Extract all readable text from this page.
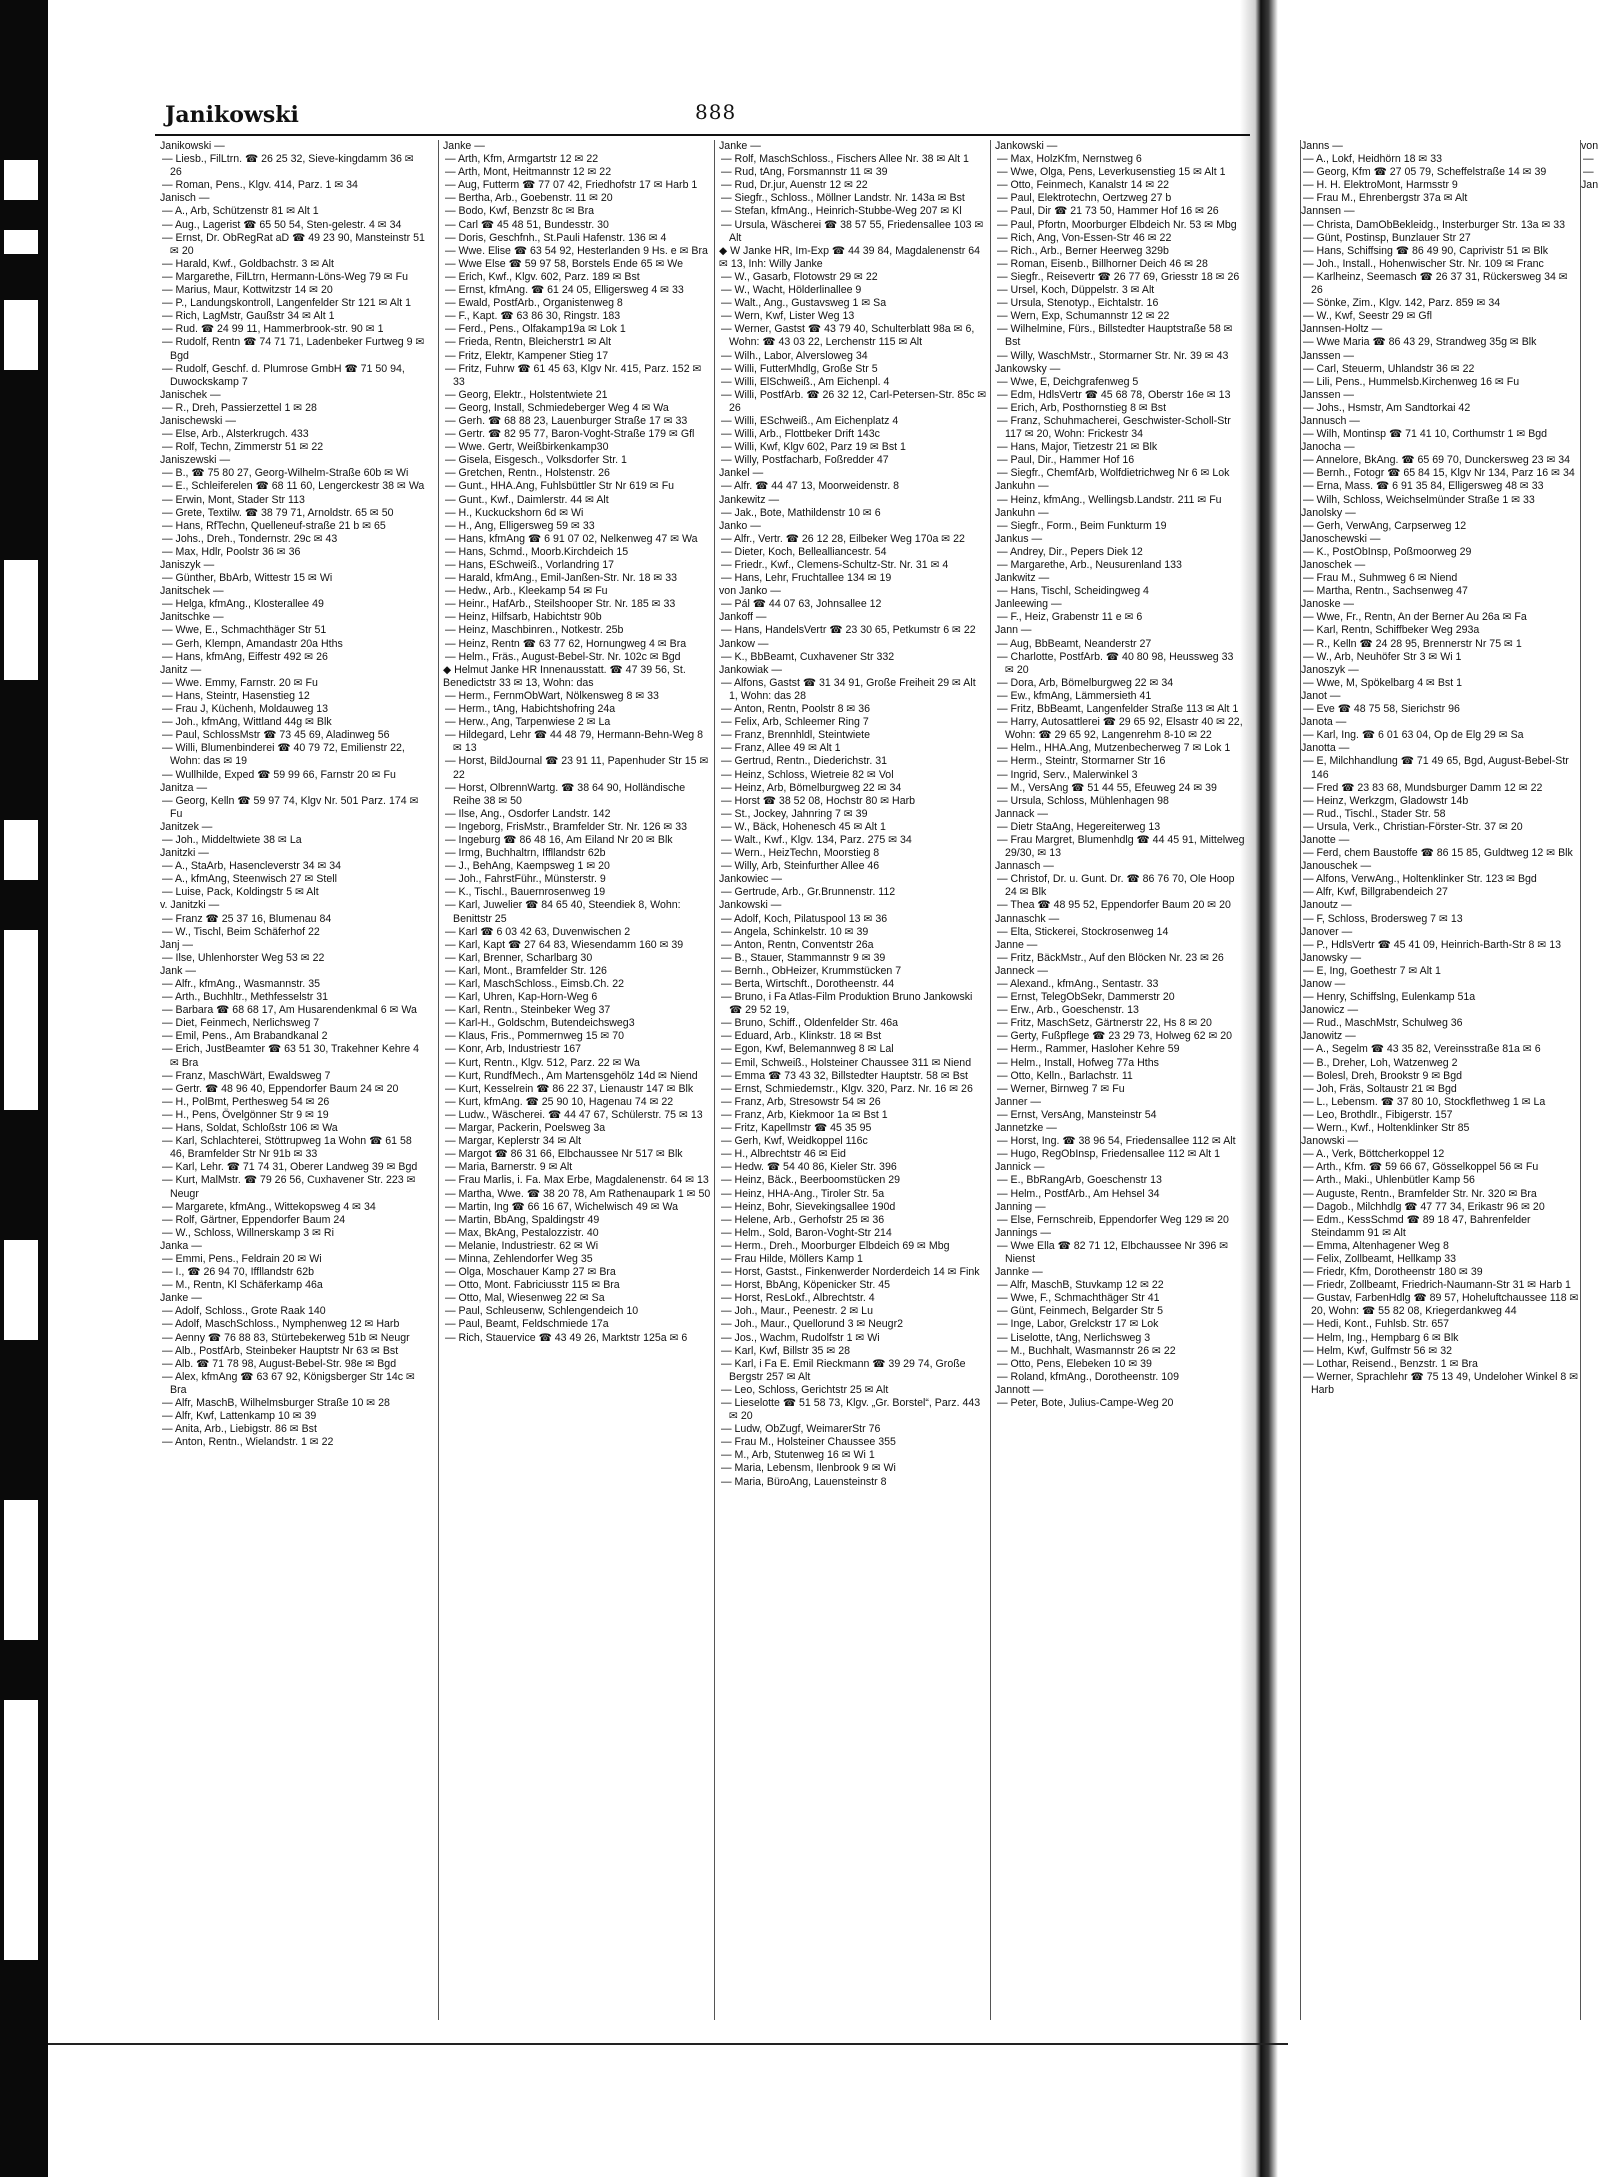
Janikowski	888

Janikowski —

— Liesb., FilLtrn. ☎ 26 25 32, Sieve-kingdamm 36 ✉ 26

— Roman, Pens., Klgv. 414, Parz. 1 ✉ 34

Janisch —

— A., Arb, Schützenstr 81 ✉ Alt 1

— Aug., Lagerist ☎ 65 50 54, Sten-gelestr. 4 ✉ 34

— Ernst, Dr. ObRegRat aD ☎ 49 23 90, Mansteinstr 51 ✉ 20

— Harald, Kwf., Goldbachstr. 3 ✉ Alt

— Margarethe, FilLtrn, Hermann-Löns-Weg 79 ✉ Fu

— Marius, Maur, Kottwitzstr 14 ✉ 20

— P., Landungskontroll, Langenfelder Str 121 ✉ Alt 1

— Rich, LagMstr, Gaußstr 34 ✉ Alt 1

— Rud. ☎ 24 99 11, Hammerbrook-str. 90 ✉ 1

— Rudolf, Rentn ☎ 74 71 71, Ladenbeker Furtweg 9 ✉ Bgd

— Rudolf, Geschf. d. Plumrose GmbH ☎ 71 50 94, Duwockskamp 7

Janischek —

— R., Dreh, Passierzettel 1 ✉ 28

Janischewski —

— Else, Arb., Alsterkrugch. 433

— Rolf, Techn, Zimmerstr 51 ✉ 22

Janiszewski —

— B., ☎ 75 80 27, Georg-Wilhelm-Straße 60b ✉ Wi

— E., Schleiferelen ☎ 68 11 60, Lengerckestr 38 ✉ Wa

— Erwin, Mont, Stader Str 113

— Grete, Textilw. ☎ 38 79 71, Arnoldstr. 65 ✉ 50

— Hans, RfTechn, Quelleneuf-straße 21 b ✉ 65

— Johs., Dreh., Tondernstr. 29c ✉ 43

— Max, Hdlr, Poolstr 36 ✉ 36

Janiszyk —

— Günther, BbArb, Wittestr 15 ✉ Wi

Janitschek —

— Helga, kfmAng., Klosterallee 49

Janitschke —

— Wwe, E., Schmachthäger Str 51

— Gerh, Klempn, Amandastr 20a Hths

— Hans, kfmAng, Eiffestr 492 ✉ 26

Janitz —

— Wwe. Emmy, Farnstr. 20 ✉ Fu

— Hans, Steintr, Hasenstieg 12

— Frau J, Küchenh, Moldauweg 13

— Joh., kfmAng, Wittland 44g ✉ Blk

— Paul, SchlossMstr ☎ 73 45 69, Aladinweg 56

— Willi, Blumenbinderei ☎ 40 79 72, Emilienstr 22, Wohn: das ✉ 19

— Wullhilde, Exped ☎ 59 99 66, Farnstr 20 ✉ Fu

Janitza —

— Georg, Kelln ☎ 59 97 74, Klgv Nr. 501 Parz. 174 ✉ Fu

Janitzek —

— Joh., Middeltwiete 38 ✉ La

Janitzki —

— A., StaArb, Hasencleverstr 34 ✉ 34

— A., kfmAng, Steenwisch 27 ✉ Stell

— Luise, Pack, Koldingstr 5 ✉ Alt

v. Janitzki —

— Franz ☎ 25 37 16, Blumenau 84

— W., Tischl, Beim Schäferhof 22

Janj —

— Ilse, Uhlenhorster Weg 53 ✉ 22

Jank —

— Alfr., kfmAng., Wasmannstr. 35

— Arth., Buchhltr., Methfesselstr 31

— Barbara ☎ 68 68 17, Am Husarendenkmal 6 ✉ Wa

— Diet, Feinmech, Nerlichsweg 7

— Emil, Pens., Am Brabandkanal 2

— Erich, JustBeamter ☎ 63 51 30, Trakehner Kehre 4 ✉ Bra

— Franz, MaschWärt, Ewaldsweg 7

— Gertr. ☎ 48 96 40, Eppendorfer Baum 24 ✉ 20

— H., PolBmt, Perthesweg 54 ✉ 26

— H., Pens, Övelgönner Str 9 ✉ 19

— Hans, Soldat, Schloßstr 106 ✉ Wa

— Karl, Schlachterei, Stöttrupweg 1a Wohn ☎ 61 58 46, Bramfelder Str Nr 91b ✉ 33

— Karl, Lehr. ☎ 71 74 31, Oberer Landweg 39 ✉ Bgd

— Kurt, MalMstr. ☎ 79 26 56, Cuxhavener Str. 223 ✉ Neugr

— Margarete, kfmAng., Wittekopsweg 4 ✉ 34

— Rolf, Gärtner, Eppendorfer Baum 24

— W., Schloss, Willnerskamp 3 ✉ Ri

Janka —

— Emmi, Pens., Feldrain 20 ✉ Wi

— I., ☎ 26 94 70, Iffllandstr 62b

— M., Rentn, Kl Schäferkamp 46a

Janke —

— Adolf, Schloss., Grote Raak 140

— Adolf, MaschSchloss., Nymphenweg 12 ✉ Harb

— Aenny ☎ 76 88 83, Stürtebekerweg 51b ✉ Neugr

— Alb., PostfArb, Steinbeker Hauptstr Nr 63 ✉ Bst

— Alb. ☎ 71 78 98, August-Bebel-Str. 98e ✉ Bgd

— Alex, kfmAng ☎ 63 67 92, Königsberger Str 14c ✉ Bra

— Alfr, MaschB, Wilhelmsburger Straße 10 ✉ 28

— Alfr, Kwf, Lattenkamp 10 ✉ 39

— Anita, Arb., Liebigstr. 86 ✉ Bst

— Anton, Rentn., Wielandstr. 1 ✉ 22

Janke —

— Arth, Kfm, Armgartstr 12 ✉ 22

— Arth, Mont, Heitmannstr 12 ✉ 22

— Aug, Futterm ☎ 77 07 42, Friedhofstr 17 ✉ Harb 1

— Bertha, Arb., Goebenstr. 11 ✉ 20

— Bodo, Kwf, Benzstr 8c ✉ Bra

— Carl ☎ 45 48 51, Bundesstr. 30

— Doris, Geschfnh., St.Pauli Hafenstr. 136 ✉ 4

— Wwe. Elise ☎ 63 54 92, Hesterlanden 9 Hs. e ✉ Bra

— Wwe Else ☎ 59 97 58, Borstels Ende 65 ✉ We

— Erich, Kwf., Klgv. 602, Parz. 189 ✉ Bst

— Ernst, kfmAng. ☎ 61 24 05, Elligersweg 4 ✉ 33

— Ewald, PostfArb., Organistenweg 8

— F., Kapt. ☎ 63 86 30, Ringstr. 183

— Ferd., Pens., Olfakamp19a ✉ Lok 1

— Frieda, Rentn, Bleicherstr1 ✉ Alt

— Fritz, Elektr, Kampener Stieg 17

— Fritz, Fuhrw ☎ 61 45 63, Klgv Nr. 415, Parz. 152 ✉ 33

— Georg, Elektr., Holstentwiete 21

— Georg, Install, Schmiedeberger Weg 4 ✉ Wa

— Gerh. ☎ 68 88 23, Lauenburger Straße 17 ✉ 33

— Gertr. ☎ 82 95 77, Baron-Voght-Straße 179 ✉ Gfl

— Wwe. Gertr, Weißbirkenkamp30

— Gisela, Eisgesch., Volksdorfer Str. 1

— Gretchen, Rentn., Holstenstr. 26

— Gunt., HHA.Ang, Fuhlsbüttler Str Nr 619 ✉ Fu

— Gunt., Kwf., Daimlerstr. 44 ✉ Alt

— H., Kuckuckshorn 6d ✉ Wi

— H., Ang, Elligersweg 59 ✉ 33

— Hans, kfmAng ☎ 6 91 07 02, Nelkenweg 47 ✉ Wa

— Hans, Schmd., Moorb.Kirchdeich 15

— Hans, ESchweiß., Vorlandring 17

— Harald, kfmAng., Emil-Janßen-Str. Nr. 18 ✉ 33

— Hedw., Arb., Kleekamp 54 ✉ Fu

— Heinr., HafArb., Steilshooper Str. Nr. 185 ✉ 33

— Heinz, Hilfsarb, Habichtstr 90b

— Heinz, Maschbinren., Notkestr. 25b

— Heinz, Rentn ☎ 63 77 62, Hornungweg 4 ✉ Bra

— Helm., Fräs., August-Bebel-Str. Nr. 102c ✉ Bgd

◆ Helmut Janke HR Innenausstatt. ☎ 47 39 56, St. Benedictstr 33 ✉ 13, Wohn: das

— Herm., FernmObWart, Nölkensweg 8 ✉ 33

— Herm., tAng, Habichtshofring 24a

— Herw., Ang, Tarpenwiese 2 ✉ La

— Hildegard, Lehr ☎ 44 48 79, Hermann-Behn-Weg 8 ✉ 13

— Horst, BildJournal ☎ 23 91 11, Papenhuder Str 15 ✉ 22

— Horst, OlbrennWartg. ☎ 38 64 90, Holländische Reihe 38 ✉ 50

— Ilse, Ang., Osdorfer Landstr. 142

— Ingeborg, FrisMstr., Bramfelder Str. Nr. 126 ✉ 33

— Ingeburg ☎ 86 48 16, Am Eiland Nr 20 ✉ Blk

— Irmg, Buchhaltrn, Iffllandstr 62b

— J., BehAng, Kaempsweg 1 ✉ 20

— Joh., FahrstFühr., Münsterstr. 9

— K., Tischl., Bauernrosenweg 19

— Karl, Juwelier ☎ 84 65 40, Steendiek 8, Wohn: Benittstr 25

— Karl ☎ 6 03 42 63, Duvenwischen 2

— Karl, Kapt ☎ 27 64 83, Wiesendamm 160 ✉ 39

— Karl, Brenner, Scharlbarg 30

— Karl, Mont., Bramfelder Str. 126

— Karl, MaschSchloss., Eimsb.Ch. 22

— Karl, Uhren, Kap-Horn-Weg 6

— Karl, Rentn., Steinbeker Weg 37

— Karl-H., Goldschm, Butendeichsweg3

— Klaus, Fris., Pommernweg 15 ✉ 70

— Konr, Arb, Industriestr 167

— Kurt, Rentn., Klgv. 512, Parz. 22 ✉ Wa

— Kurt, RundfMech., Am Martensgehölz 14d ✉ Niend

— Kurt, Kesselrein ☎ 86 22 37, Lienaustr 147 ✉ Blk

— Kurt, kfmAng. ☎ 25 90 10, Hagenau 74 ✉ 22

— Ludw., Wäscherei. ☎ 44 47 67, Schülerstr. 75 ✉ 13

— Margar, Packerin, Poelsweg 3a

— Margar, Keplerstr 34 ✉ Alt

— Margot ☎ 86 31 66, Elbchaussee Nr 517 ✉ Blk

— Maria, Barnerstr. 9 ✉ Alt

— Frau Marlis, i. Fa. Max Erbe, Magdalenenstr. 64 ✉ 13

— Martha, Wwe. ☎ 38 20 78, Am Rathenaupark 1 ✉ 50

— Martin, Ing ☎ 66 16 67, Wichelwisch 49 ✉ Wa

— Martin, BbAng, Spaldingstr 49

— Max, BkAng, Pestalozzistr. 40

— Melanie, Industriestr. 62 ✉ Wi

— Minna, Zehlendorfer Weg 35

— Olga, Moschauer Kamp 27 ✉ Bra

— Otto, Mont. Fabriciusstr 115 ✉ Bra

— Otto, Mal, Wiesenweg 22 ✉ Sa

— Paul, Schleusenw, Schlengendeich 10

— Paul, Beamt, Feldschmiede 17a

— Rich, Stauervice ☎ 43 49 26, Marktstr 125a ✉ 6

Janke —

— Rolf, MaschSchloss., Fischers Allee Nr. 38 ✉ Alt 1

— Rud, tAng, Forsmannstr 11 ✉ 39

— Rud, Dr.jur, Auenstr 12 ✉ 22

— Siegfr., Schloss., Möllner Landstr. Nr. 143a ✉ Bst

— Stefan, kfmAng., Heinrich-Stubbe-Weg 207 ✉ Kl

— Ursula, Wäscherei ☎ 38 57 55, Friedensallee 103 ✉ Alt

◆ W Janke HR, Im-Exp ☎ 44 39 84, Magdalenenstr 64 ✉ 13, Inh: Willy Janke

— W., Gasarb, Flotowstr 29 ✉ 22

— W., Wacht, Hölderlinallee 9

— Walt., Ang., Gustavsweg 1 ✉ Sa

— Wern, Kwf, Lister Weg 13

— Werner, Gastst ☎ 43 79 40, Schulterblatt 98a ✉ 6, Wohn: ☎ 43 03 22, Lerchenstr 115 ✉ Alt

— Wilh., Labor, Alversloweg 34

— Willi, FutterMhdlg, Große Str 5

— Willi, ElSchweiß., Am Eichenpl. 4

— Willi, PostfArb. ☎ 26 32 12, Carl-Petersen-Str. 85c ✉ 26

— Willi, ESchweiß., Am Eichenplatz 4

— Willi, Arb., Flottbeker Drift 143c

— Willi, Kwf, Klgv 602, Parz 19 ✉ Bst 1

— Willy, Postfacharb, Foßredder 47

Jankel —

— Alfr. ☎ 44 47 13, Moorweidenstr. 8

Jankewitz —

— Jak., Bote, Mathildenstr 10 ✉ 6

Janko —

— Alfr., Vertr. ☎ 26 12 28, Eilbeker Weg 170a ✉ 22

— Dieter, Koch, Bellealliancestr. 54

— Friedr., Kwf., Clemens-Schultz-Str. Nr. 31 ✉ 4

— Hans, Lehr, Fruchtallee 134 ✉ 19

von Janko —

— Pál ☎ 44 07 63, Johnsallee 12

Jankoff —

— Hans, HandelsVertr ☎ 23 30 65, Petkumstr 6 ✉ 22

Jankow —

— K., BbBeamt, Cuxhavener Str 332

Jankowiak —

— Alfons, Gastst ☎ 31 34 91, Große Freiheit 29 ✉ Alt 1, Wohn: das 28

— Anton, Rentn, Poolstr 8 ✉ 36

— Felix, Arb, Schleemer Ring 7

— Franz, Brennhldl, Steintwiete

— Franz, Allee 49 ✉ Alt 1

— Gertrud, Rentn., Diederichstr. 31

— Heinz, Schloss, Wietreie 82 ✉ Vol

— Heinz, Arb, Bömelburgweg 22 ✉ 34

— Horst ☎ 38 52 08, Hochstr 80 ✉ Harb

— St., Jockey, Jahnring 7 ✉ 39

— W., Bäck, Hohenesch 45 ✉ Alt 1

— Walt., Kwf., Klgv. 134, Parz. 275 ✉ 34

— Wern., HeizTechn, Moorstieg 8

— Willy, Arb, Steinfurther Allee 46

Jankowiec —

— Gertrude, Arb., Gr.Brunnenstr. 112

Jankowski —

— Adolf, Koch, Pilatuspool 13 ✉ 36

— Angela, Schinkelstr. 10 ✉ 39

— Anton, Rentn, Conventstr 26a

— B., Stauer, Stammannstr 9 ✉ 39

— Bernh., ObHeizer, Krummstücken 7

— Berta, Wirtschft., Dorotheenstr. 44

— Bruno, i Fa Atlas-Film Produktion Bruno Jankowski ☎ 29 52 19,

— Bruno, Schiff., Oldenfelder Str. 46a

— Eduard, Arb., Klinkstr. 18 ✉ Bst

— Egon, Kwf, Belemannweg 8 ✉ Lal

— Emil, Schweiß., Holsteiner Chaussee 311 ✉ Niend

— Emma ☎ 73 43 32, Billstedter Hauptstr. 58 ✉ Bst

— Ernst, Schmiedemstr., Klgv. 320, Parz. Nr. 16 ✉ 26

— Franz, Arb, Stresowstr 54 ✉ 26

— Franz, Arb, Kiekmoor 1a ✉ Bst 1

— Fritz, Kapellmstr ☎ 45 35 95

— Gerh, Kwf, Weidkoppel 116c

— H., Albrechtstr 46 ✉ Eid

— Hedw. ☎ 54 40 86, Kieler Str. 396

— Heinz, Bäck., Beerboomstücken 29

— Heinz, HHA-Ang., Tiroler Str. 5a

— Heinz, Bohr, Sievekingsallee 190d

— Helene, Arb., Gerhofstr 25 ✉ 36

— Helm., Sold, Baron-Voght-Str 214

— Herm., Dreh., Moorburger Elbdeich 69 ✉ Mbg

— Frau Hilde, Möllers Kamp 1

— Horst, Gastst., Finkenwerder Norderdeich 14 ✉ Fink

— Horst, BbAng, Köpenicker Str. 45

— Horst, ResLokf., Albrechtstr. 4

— Joh., Maur., Peenestr. 2 ✉ Lu

— Joh., Maur., Quellorund 3 ✉ Neugr2

— Jos., Wachm, Rudolfstr 1 ✉ Wi

— Karl, Kwf, Billstr 35 ✉ 28

— Karl, i Fa E. Emil Rieckmann ☎ 39 29 74, Große Bergstr 257 ✉ Alt

— Leo, Schloss, Gerichtstr 25 ✉ Alt

— Lieselotte ☎ 51 58 73, Klgv. „Gr. Borstel“, Parz. 443 ✉ 20

— Ludw, ObZugf, WeimarerStr 76

— Frau M., Holsteiner Chaussee 355

— M., Arb, Stutenweg 16 ✉ Wi 1

— Maria, Lebensm, Ilenbrook 9 ✉ Wi

— Maria, BüroAng, Lauensteinstr 8

Jankowski —

— Max, HolzKfm, Nernstweg 6

— Wwe, Olga, Pens, Leverkusenstieg 15 ✉ Alt 1

— Otto, Feinmech, Kanalstr 14 ✉ 22

— Paul, Elektrotechn, Oertzweg 27 b

— Paul, Dir ☎ 21 73 50, Hammer Hof 16 ✉ 26

— Paul, Pfortn, Moorburger Elbdeich Nr. 53 ✉ Mbg

— Rich, Ang, Von-Essen-Str 46 ✉ 22

— Rich., Arb., Berner Heerweg 329b

— Roman, Eisenb., Billhorner Deich 46 ✉ 28

— Siegfr., Reisevertr ☎ 26 77 69, Griesstr 18 ✉ 26

— Ursel, Koch, Düppelstr. 3 ✉ Alt

— Ursula, Stenotyp., Eichtalstr. 16

— Wern, Exp, Schumannstr 12 ✉ 22

— Wilhelmine, Fürs., Billstedter Hauptstraße 58 ✉ Bst

— Willy, WaschMstr., Stormarner Str. Nr. 39 ✉ 43

Jankowsky —

— Wwe, E, Deichgrafenweg 5

— Edm, HdlsVertr ☎ 45 68 78, Oberstr 16e ✉ 13

— Erich, Arb, Posthornstieg 8 ✉ Bst

— Franz, Schuhmacherei, Geschwister-Scholl-Str 117 ✉ 20, Wohn: Frickestr 34

— Hans, Major, Tietzestr 21 ✉ Blk

— Paul, Dir., Hammer Hof 16

— Siegfr., ChemfArb, Wolfdietrichweg Nr 6 ✉ Lok

Jankuhn —

— Heinz, kfmAng., Wellingsb.Landstr. 211 ✉ Fu

Jankuhn —

— Siegfr., Form., Beim Funkturm 19

Jankus —

— Andrey, Dir., Pepers Diek 12

— Margarethe, Arb., Neusurenland 133

Jankwitz —

— Hans, Tischl, Scheidingweg 4

Janleewing —

— F., Heiz, Grabenstr 11 e ✉ 6

Jann —

— Aug, BbBeamt, Neanderstr 27

— Charlotte, PostfArb. ☎ 40 80 98, Heussweg 33 ✉ 20

— Dora, Arb, Bömelburgweg 22 ✉ 34

— Ew., kfmAng, Lämmersieth 41

— Fritz, BbBeamt, Langenfelder Straße 113 ✉ Alt 1

— Harry, Autosattlerei ☎ 29 65 92, Elsastr 40 ✉ 22, Wohn: ☎ 29 65 92, Langenrehm 8-10 ✉ 22

— Helm., HHA.Ang, Mutzenbecherweg 7 ✉ Lok 1

— Herm., Steintr, Stormarner Str 16

— Ingrid, Serv., Malerwinkel 3

— M., VersAng ☎ 51 44 55, Efeuweg 24 ✉ 39

— Ursula, Schloss, Mühlenhagen 98

Jannack —

— Dietr StaAng, Hegereiterweg 13

— Frau Margret, Blumenhdlg ☎ 44 45 91, Mittelweg 29/30, ✉ 13

Jannasch —

— Christof, Dr. u. Gunt. Dr. ☎ 86 76 70, Ole Hoop 24 ✉ Blk

— Thea ☎ 48 95 52, Eppendorfer Baum 20 ✉ 20

Jannaschk —

— Elta, Stickerei, Stockrosenweg 14

Janne —

— Fritz, BäckMstr., Auf den Blöcken Nr. 23 ✉ 26

Janneck —

— Alexand., kfmAng., Sentastr. 33

— Ernst, TelegObSekr, Dammerstr 20

— Erw., Arb., Goeschenstr. 13

— Fritz, MaschSetz, Gärtnerstr 22, Hs 8 ✉ 20

— Gerty, Fußpflege ☎ 23 29 73, Holweg 62 ✉ 20

— Herm., Rammer, Hasloher Kehre 59

— Helm., Install, Hofweg 77a Hths

— Otto, Kelln., Barlachstr. 11

— Werner, Birnweg 7 ✉ Fu

Janner —

— Ernst, VersAng, Mansteinstr 54

Jannetzke —

— Horst, Ing. ☎ 38 96 54, Friedensallee 112 ✉ Alt

— Hugo, RegObInsp, Friedensallee 112 ✉ Alt 1

Jannick —

— E., BbRangArb, Goeschenstr 13

— Helm., PostfArb., Am Hehsel 34

Janning —

— Else, Fernschreib, Eppendorfer Weg 129 ✉ 20

Jannings —

— Wwe Ella ☎ 82 71 12, Elbchaussee Nr 396 ✉ Nienst

Jannke —

— Alfr, MaschB, Stuvkamp 12 ✉ 22

— Wwe, F., Schmachthäger Str 41

— Günt, Feinmech, Belgarder Str 5

— Inge, Labor, Grelckstr 17 ✉ Lok

— Liselotte, tAng, Nerlichsweg 3

— M., Buchhalt, Wasmannstr 26 ✉ 22

— Otto, Pens, Elebeken 10 ✉ 39

— Roland, kfmAng., Dorotheenstr. 109

Jannott —

— Peter, Bote, Julius-Campe-Weg 20

Janns —

— A., Lokf, Heidhörn 18 ✉ 33

— Georg, Kfm ☎ 27 05 79, Scheffelstraße 14 ✉ 39

— H. H. ElektroMont, Harmsstr 9

— Frau M., Ehrenbergstr 37a ✉ Alt

Jannsen —

— Christa, DamObBekleidg., Insterburger Str. 13a ✉ 33

— Günt, Postinsp, Bunzlauer Str 27

— Hans, Schiffsing ☎ 86 49 90, Caprivistr 51 ✉ Blk

— Joh., Install., Hohenwischer Str. Nr. 109 ✉ Franc

— Karlheinz, Seemasch ☎ 26 37 31, Rückersweg 34 ✉ 26

— Sönke, Zim., Klgv. 142, Parz. 859 ✉ 34

— W., Kwf, Seestr 29 ✉ Gfl

Jannsen-Holtz —

— Wwe Maria ☎ 86 43 29, Strandweg 35g ✉ Blk

Janssen —

— Carl, Steuerm, Uhlandstr 36 ✉ 22

— Lili, Pens., Hummelsb.Kirchenweg 16 ✉ Fu

Janssen —

— Johs., Hsmstr, Am Sandtorkai 42

Jannusch —

— Wilh, Montinsp ☎ 71 41 10, Corthumstr 1 ✉ Bgd

Janocha —

— Annelore, BkAng. ☎ 65 69 70, Dunckersweg 23 ✉ 34

— Bernh., Fotogr ☎ 65 84 15, Klgv Nr 134, Parz 16 ✉ 34

— Erna, Mass. ☎ 6 91 35 84, Elligersweg 48 ✉ 33

— Wilh, Schloss, Weichselmünder Straße 1 ✉ 33

Janolsky —

— Gerh, VerwAng, Carpserweg 12

Janoschewski —

— K., PostObInsp, Poßmoorweg 29

Janoschek —

— Frau M., Suhmweg 6 ✉ Niend

— Martha, Rentn., Sachsenweg 47

Janoske —

— Wwe, Fr., Rentn, An der Berner Au 26a ✉ Fa

— Karl, Rentn, Schiffbeker Weg 293a

— R., Kelln ☎ 24 28 95, Brennerstr Nr 75 ✉ 1

— W., Arb, Neuhöfer Str 3 ✉ Wi 1

Janoszyk —

— Wwe, M, Spökelbarg 4 ✉ Bst 1

Janot —

— Eve ☎ 48 75 58, Sierichstr 96

Janota —

— Karl, Ing. ☎ 6 01 63 04, Op de Elg 29 ✉ Sa

Janotta —

— E, Milchhandlung ☎ 71 49 65, Bgd, August-Bebel-Str 146

— Fred ☎ 23 83 68, Mundsburger Damm 12 ✉ 22

— Heinz, Werkzgm, Gladowstr 14b

— Rud., Tischl., Stader Str. 58

— Ursula, Verk., Christian-Förster-Str. 37 ✉ 20

Janotte —

— Ferd, chem Baustoffe ☎ 86 15 85, Guldtweg 12 ✉ Blk

Janouschek —

— Alfons, VerwAng., Holtenklinker Str. 123 ✉ Bgd

— Alfr, Kwf, Billgrabendeich 27

Janoutz —

— F, Schloss, Brodersweg 7 ✉ 13

Janover —

— P., HdlsVertr ☎ 45 41 09, Heinrich-Barth-Str 8 ✉ 13

Janowsky —

— E, Ing, Goethestr 7 ✉ Alt 1

Janow —

— Henry, Schiffslng, Eulenkamp 51a

Janowicz —

— Rud., MaschMstr, Schulweg 36

Janowitz —

— A., Segelm ☎ 43 35 82, Vereinsstraße 81a ✉ 6

— B., Dreher, Loh, Watzenweg 2

— Bolesl, Dreh, Brookstr 9 ✉ Bgd

— Joh, Fräs, Soltaustr 21 ✉ Bgd

— L., Lebensm. ☎ 37 80 10, Stockflethweg 1 ✉ La

— Leo, Brothdlr., Fibigerstr. 157

— Wern., Kwf., Holtenklinker Str 85

Janowski —

— A., Verk, Böttcherkoppel 12

— Arth., Kfm. ☎ 59 66 67, Gösselkoppel 56 ✉ Fu

— Arth., Maki., Uhlenbütler Kamp 56

— Auguste, Rentn., Bramfelder Str. Nr. 320 ✉ Bra

— Dagob., Milchhdlg ☎ 47 77 34, Erikastr 96 ✉ 20

— Edm., KessSchmd ☎ 89 18 47, Bahrenfelder Steindamm 91 ✉ Alt

— Emma, Altenhagener Weg 8

— Felix, Zollbeamt, Hellkamp 33

— Friedr, Kfm, Dorotheenstr 180 ✉ 39

— Friedr, Zollbeamt, Friedrich-Naumann-Str 31 ✉ Harb 1

— Gustav, FarbenHdlg ☎ 89 57, Hoheluftchaussee 118 ✉ 20, Wohn: ☎ 55 82 08, Kriegerdankweg 44

— Hedi, Kont., Fuhlsb. Str. 657

— Helm, Ing., Hempbarg 6 ✉ Blk

— Helm, Kwf, Gulfmstr 56 ✉ 32

— Lothar, Reisend., Benzstr. 1 ✉ Bra

— Werner, Sprachlehr ☎ 75 13 49, Undeloher Winkel 8 ✉ Harb

von

—

—

Jan
